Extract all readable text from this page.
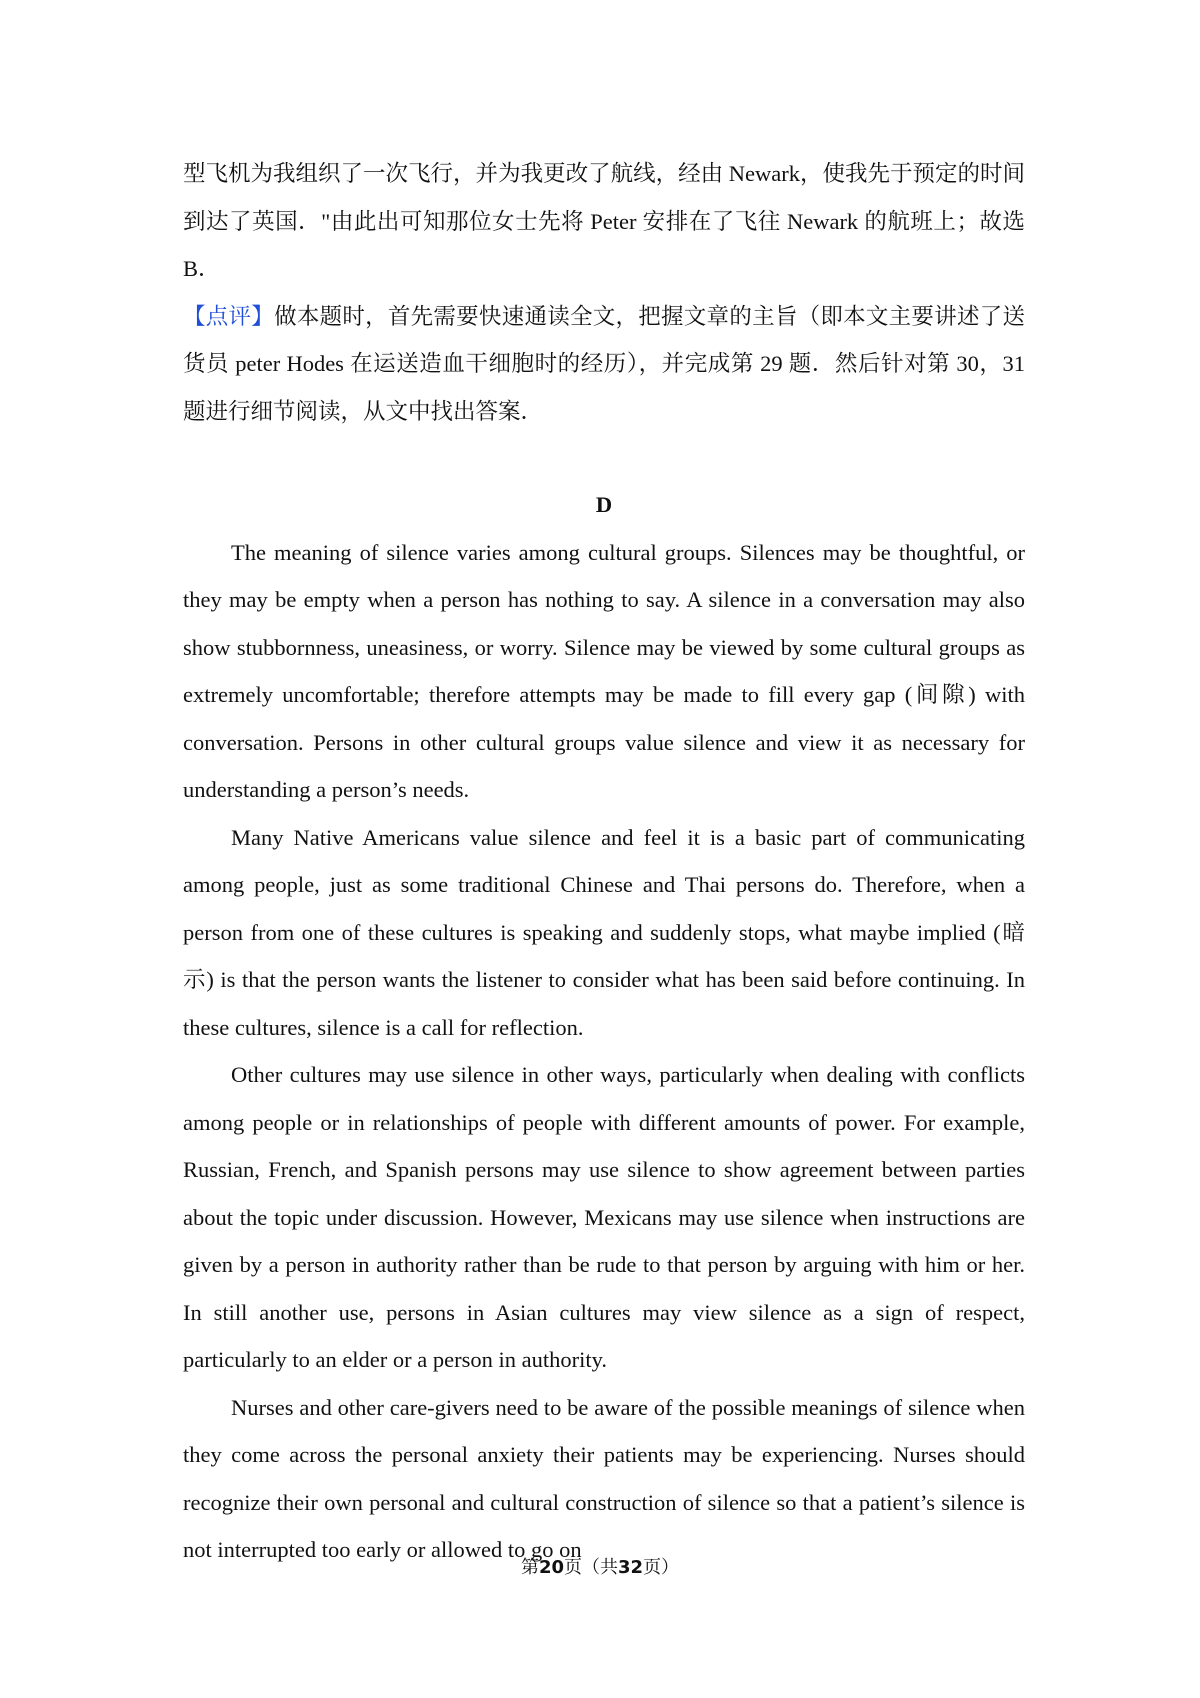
型飞机为我组织了一次飞行，并为我更改了航线，经由 Newark，使我先于预定的时间到达了英国．"由此出可知那位女士先将 Peter 安排在了飞往 Newark 的航班上；故选 B．

【点评】做本题时，首先需要快速通读全文，把握文章的主旨（即本文主要讲述了送货员 peter Hodes 在运送造血干细胞时的经历），并完成第 29 题．然后针对第 30，31 题进行细节阅读，从文中找出答案．

D

The meaning of silence varies among cultural groups. Silences may be thoughtful, or they may be empty when a person has nothing to say. A silence in a conversation may also show stubbornness, uneasiness, or worry. Silence may be viewed by some cultural groups as extremely uncomfortable; therefore attempts may be made to fill every gap (间隙) with conversation. Persons in other cultural groups value silence and view it as necessary for understanding a person’s needs.

Many Native Americans value silence and feel it is a basic part of communicating among people, just as some traditional Chinese and Thai persons do. Therefore, when a person from one of these cultures is speaking and suddenly stops, what maybe implied (暗示) is that the person wants the listener to consider what has been said before continuing. In these cultures, silence is a call for reflection.

Other cultures may use silence in other ways, particularly when dealing with conflicts among people or in relationships of people with different amounts of power. For example, Russian, French, and Spanish persons may use silence to show agreement between parties about the topic under discussion. However, Mexicans may use silence when instructions are given by a person in authority rather than be rude to that person by arguing with him or her. In still another use, persons in Asian cultures may view silence as a sign of respect, particularly to an elder or a person in authority.

Nurses and other care-givers need to be aware of the possible meanings of silence when they come across the personal anxiety their patients may be experiencing. Nurses should recognize their own personal and cultural construction of silence so that a patient’s silence is not interrupted too early or allowed to go on

第20页（共32页）
